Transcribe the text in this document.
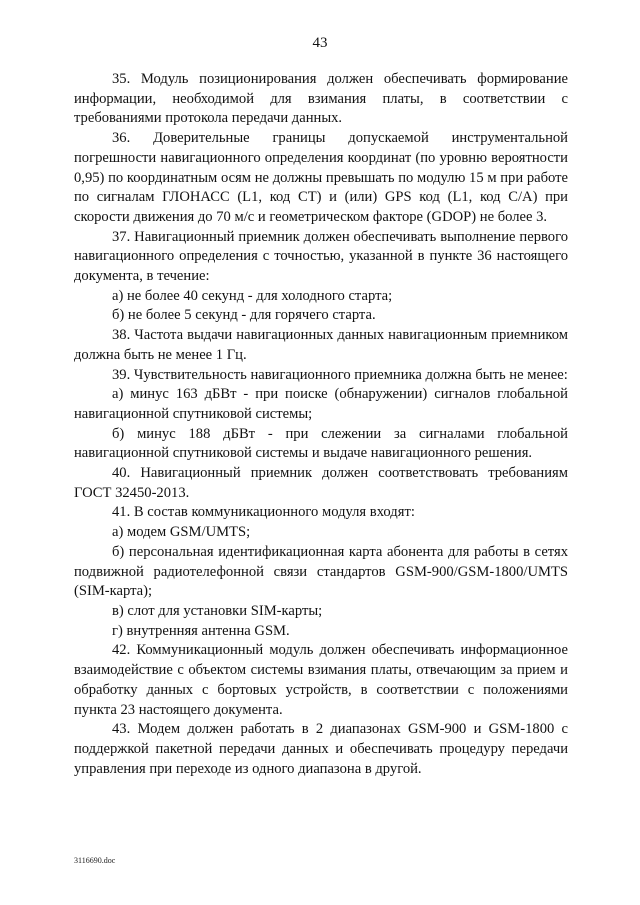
43

35. Модуль позиционирования должен обеспечивать формирование информации, необходимой для взимания платы, в соответствии с требованиями протокола передачи данных.

36. Доверительные границы допускаемой инструментальной погрешности навигационного определения координат (по уровню вероятности 0,95) по координатным осям не должны превышать по модулю 15 м при работе по сигналам ГЛОНАСС (L1, код СТ) и (или) GPS код (L1, код С/А) при скорости движения до 70 м/с и геометрическом факторе (GDOP) не более 3.

37. Навигационный приемник должен обеспечивать выполнение первого навигационного определения с точностью, указанной в пункте 36 настоящего документа, в течение:

а) не более 40 секунд - для холодного старта;

б) не более 5 секунд - для горячего старта.

38. Частота выдачи навигационных данных навигационным приемником должна быть не менее 1 Гц.

39. Чувствительность навигационного приемника должна быть не менее:

а) минус 163 дБВт - при поиске (обнаружении) сигналов глобальной навигационной спутниковой системы;

б) минус 188 дБВт - при слежении за сигналами глобальной навигационной спутниковой системы и выдаче навигационного решения.

40. Навигационный приемник должен соответствовать требованиям ГОСТ 32450-2013.

41. В состав коммуникационного модуля входят:

а) модем GSM/UMTS;

б) персональная идентификационная карта абонента для работы в сетях подвижной радиотелефонной связи стандартов GSM-900/GSM-1800/UMTS (SIM-карта);

в) слот для установки SIM-карты;

г) внутренняя антенна GSM.

42. Коммуникационный модуль должен обеспечивать информационное взаимодействие с объектом системы взимания платы, отвечающим за прием и обработку данных с бортовых устройств, в соответствии с положениями пункта 23 настоящего документа.

43. Модем должен работать в 2 диапазонах GSM-900 и GSM-1800 с поддержкой пакетной передачи данных и обеспечивать процедуру передачи управления при переходе из одного диапазона в другой.

3116690.doc
